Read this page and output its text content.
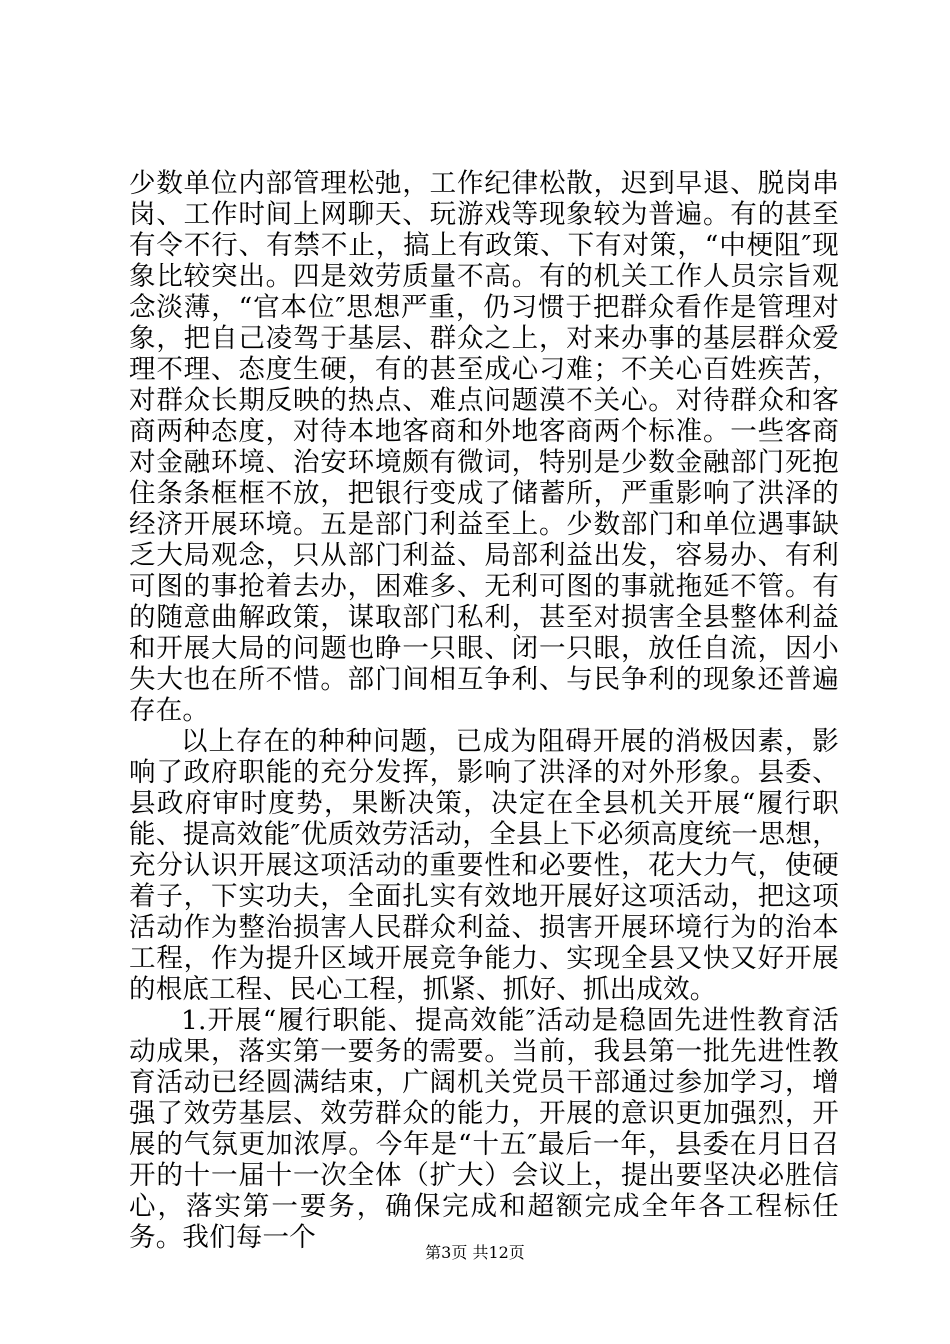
少数单位内部管理松弛，工作纪律松散，迟到早退、脱岗串岗、工作时间上网聊天、玩游戏等现象较为普遍。有的甚至有令不行、有禁不止，搞上有政策、下有对策，“中梗阻″现象比较突出。四是效劳质量不高。有的机关工作人员宗旨观念淡薄，“官本位″思想严重，仍习惯于把群众看作是管理对象，把自己凌驾于基层、群众之上，对来办事的基层群众爱理不理、态度生硬，有的甚至成心刁难；不关心百姓疾苦，对群众长期反映的热点、难点问题漠不关心。对待群众和客商两种态度，对待本地客商和外地客商两个标准。一些客商对金融环境、治安环境颇有微词，特别是少数金融部门死抱住条条框框不放，把银行变成了储蓄所，严重影响了洪泽的经济开展环境。五是部门利益至上。少数部门和单位遇事缺乏大局观念，只从部门利益、局部利益出发，容易办、有利可图的事抢着去办，困难多、无利可图的事就拖延不管。有的随意曲解政策，谋取部门私利，甚至对损害全县整体利益和开展大局的问题也睁一只眼、闭一只眼，放任自流，因小失大也在所不惜。部门间相互争利、与民争利的现象还普遍存在。

以上存在的种种问题，已成为阻碍开展的消极因素，影响了政府职能的充分发挥，影响了洪泽的对外形象。县委、县政府审时度势，果断决策，决定在全县机关开展“履行职能、提高效能″优质效劳活动，全县上下必须高度统一思想，充分认识开展这项活动的重要性和必要性，花大力气，使硬着子，下实功夫，全面扎实有效地开展好这项活动，把这项活动作为整治损害人民群众利益、损害开展环境行为的治本工程，作为提升区域开展竞争能力、实现全县又快又好开展的根底工程、民心工程，抓紧、抓好、抓出成效。

1.开展“履行职能、提高效能″活动是稳固先进性教育活动成果，落实第一要务的需要。当前，我县第一批先进性教育活动已经圆满结束，广阔机关党员干部通过参加学习，增强了效劳基层、效劳群众的能力，开展的意识更加强烈，开展的气氛更加浓厚。今年是“十五″最后一年，县委在月日召开的十一届十一次全体（扩大）会议上，提出要坚决必胜信心，落实第一要务，确保完成和超额完成全年各工程标任务。我们每一个	第3页 共12页
